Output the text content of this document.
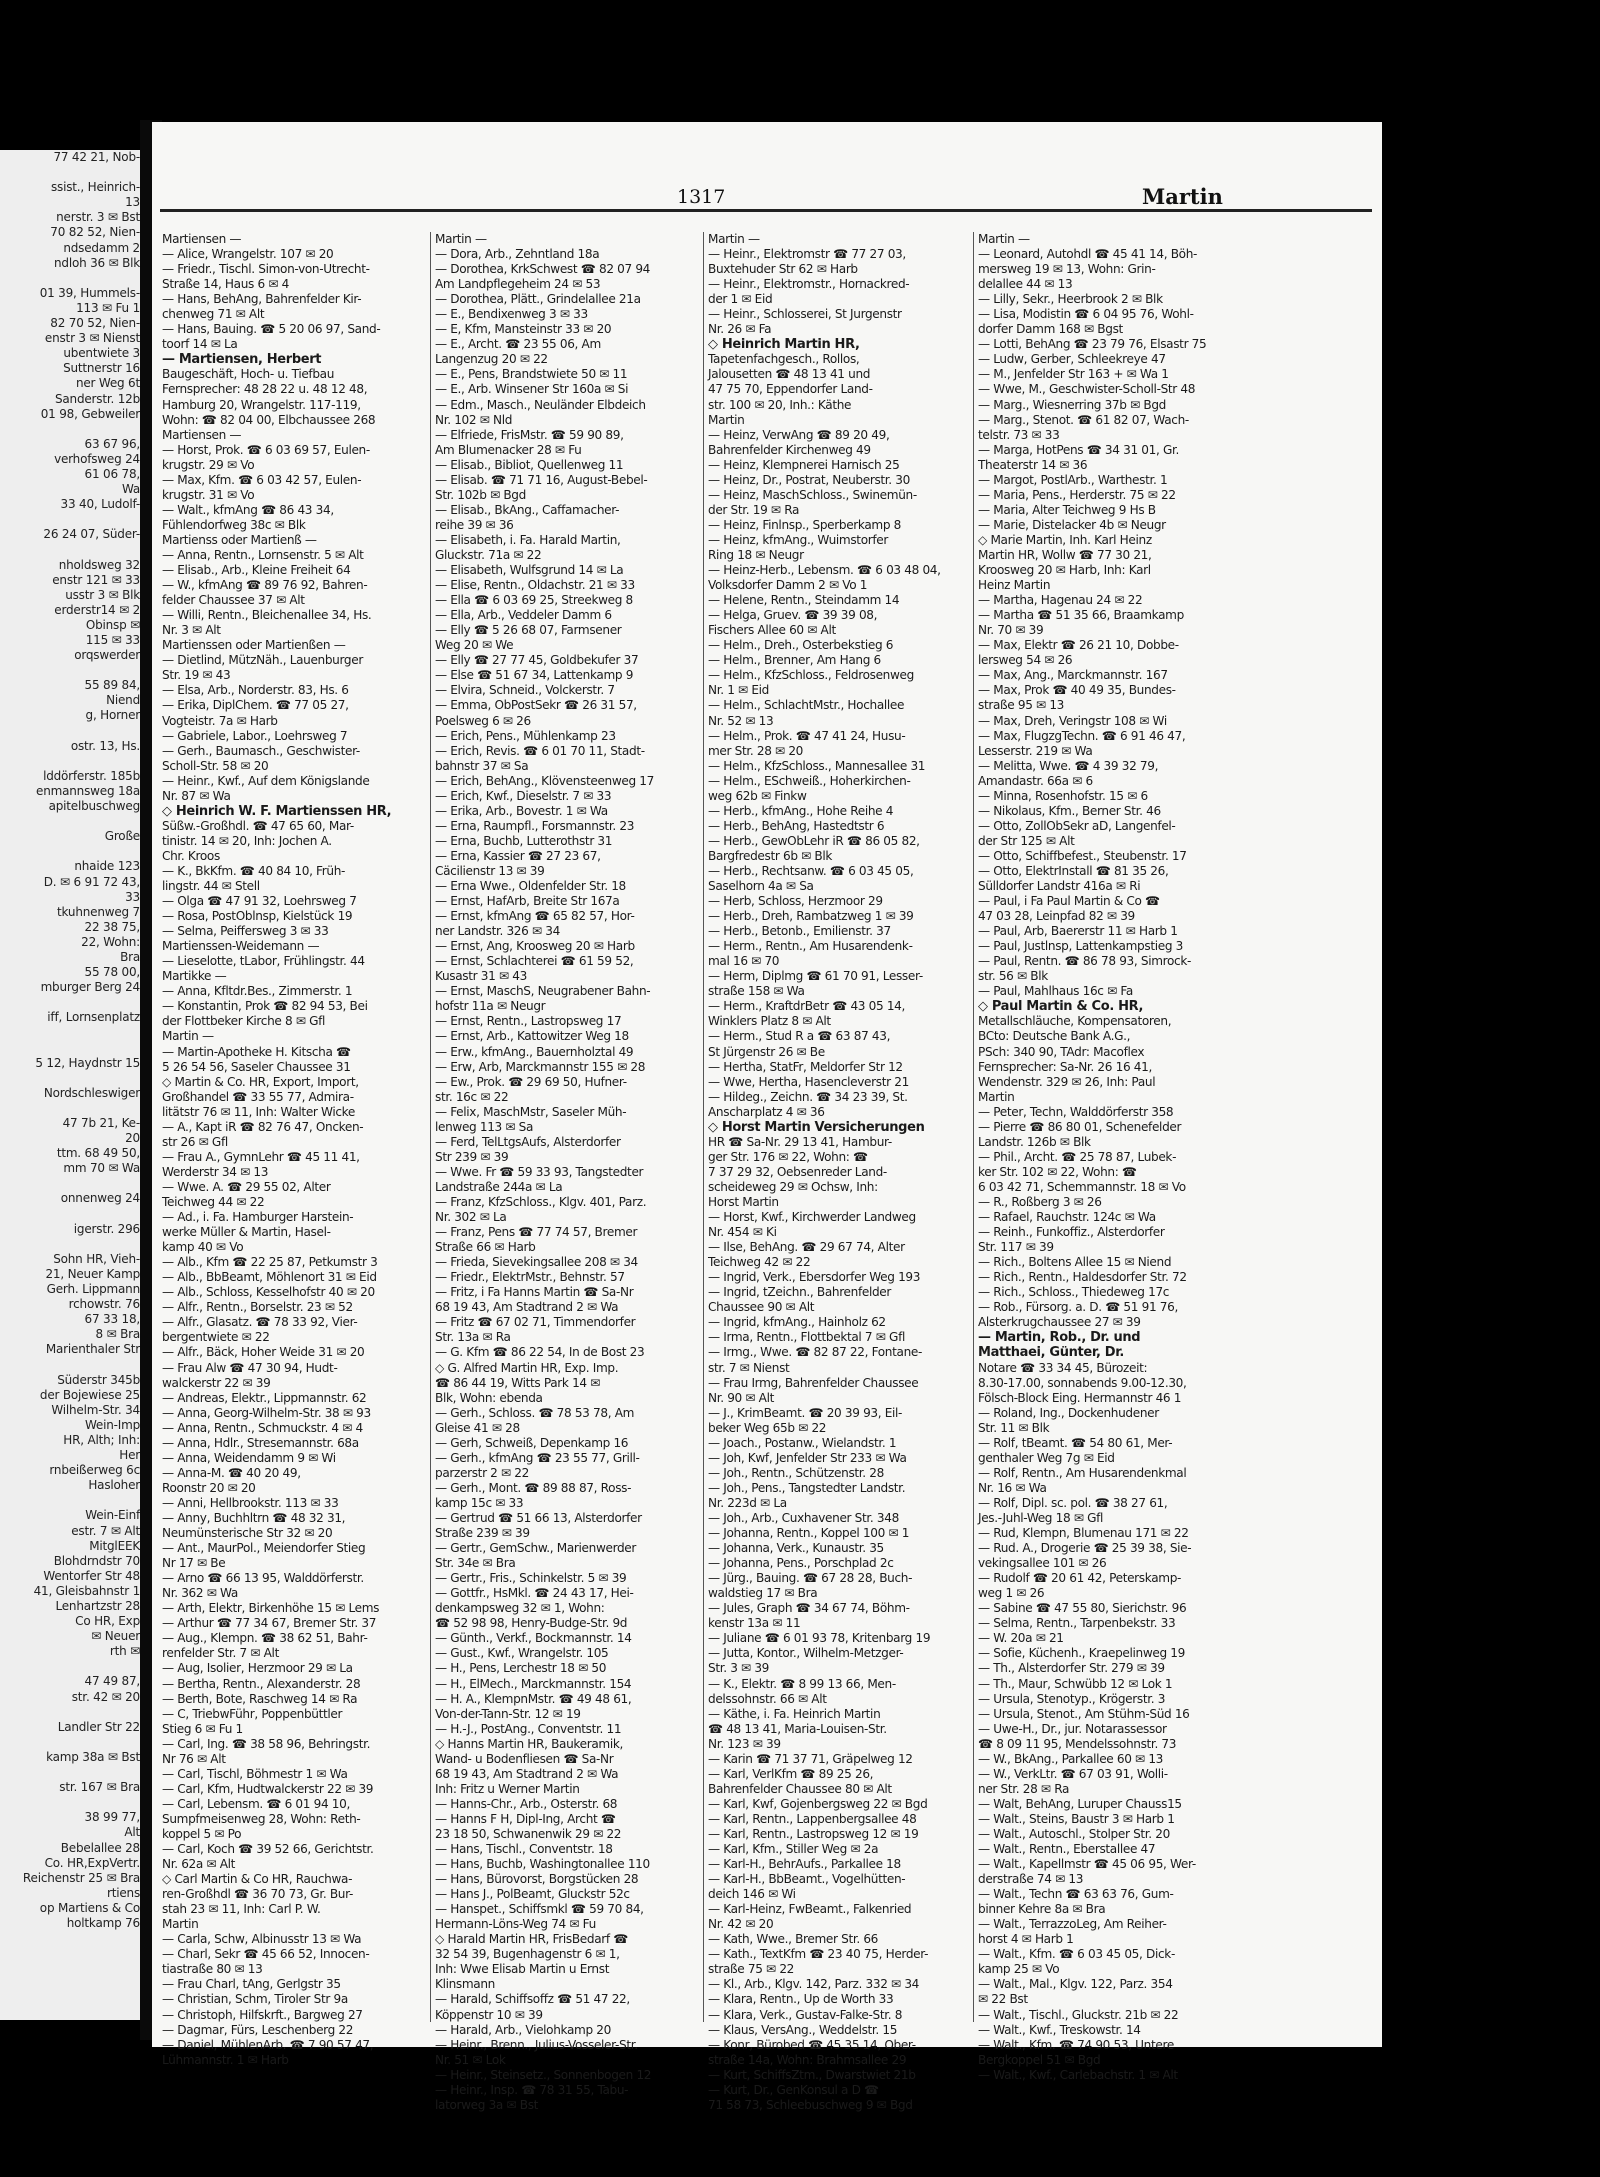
77 42 21, Nob-

ssist., Heinrich-
13
nerstr. 3 ✉ Bst
70 82 52, Nien-
ndsedamm 2
ndloh 36 ✉ Blk

01 39, Hummels-
113 ✉ Fu 1
82 70 52, Nien-
enstr 3 ✉ Nienst
ubentwiete 3
Suttnerstr 16
ner Weg 6t
Sanderstr. 12b
01 98, Gebweiler

63 67 96,
verhofsweg 24
61 06 78,
Wa
33 40, Ludolf-

26 24 07, Süder-

nholdsweg 32
enstr 121 ✉ 33
usstr 3 ✉ Blk
erderstr14 ✉ 2
Obinsp ✉
115 ✉ 33
orqswerder

55 89 84,
Niend
g, Horner

ostr. 13, Hs.

lddörferstr. 185b
enmannsweg 18a
apitelbuschweg

Große

nhaide 123
D. ✉ 6 91 72 43,
33
tkuhnenweg 7
22 38 75,
22, Wohn:
Bra
55 78 00,
mburger Berg 24

iff, Lornsenplatz

5 12, Haydnstr 15

Nordschleswiger

47 7b 21, Ke-
20
ttm. 68 49 50,
mm 70 ✉ Wa

onnenweg 24

igerstr. 296

Sohn HR, Vieh-
21, Neuer Kamp
Gerh. Lippmann
rchowstr. 76
67 33 18,
8 ✉ Bra
Marienthaler Str

Süderstr 345b
der Bojewiese 25
Wilhelm-Str. 34
Wein-Imp
HR, Alth; Inh:
Her
rnbeißerweg 6c
Hasloher

Wein-Einf
estr. 7 ✉ Alt
MitglEEK
Blohdrndstr 70
Wentorfer Str 48
41, Gleisbahnstr 1
Lenhartzstr 28
Co HR, Exp
✉ Neuer
rth ✉

47 49 87,
str. 42 ✉ 20

Landler Str 22

kamp 38a ✉ Bst

str. 167 ✉ Bra

38 99 77,
Alt
Bebelallee 28
Co. HR,ExpVertr.
Reichenstr 25 ✉ Bra
rtiens
op Martiens & Co
holtkamp 76
1317	Martin
Martiensen —
— Alice, Wrangelstr. 107 ✉ 20
— Friedr., Tischl. Simon-von-Utrecht-
Straße 14, Haus 6 ✉ 4
— Hans, BehAng, Bahrenfelder Kir-
chenweg 71 ✉ Alt
— Hans, Bauing. ☎ 5 20 06 97, Sand-
toorf 14 ✉ La
— Martiensen, Herbert
Baugeschäft, Hoch- u. Tiefbau
Fernsprecher: 48 28 22 u. 48 12 48,
Hamburg 20, Wrangelstr. 117-119,
Wohn: ☎ 82 04 00, Elbchaussee 268
Martiensen —
— Horst, Prok. ☎ 6 03 69 57, Eulen-
krugstr. 29 ✉ Vo
— Max, Kfm. ☎ 6 03 42 57, Eulen-
krugstr. 31 ✉ Vo
— Walt., kfmAng ☎ 86 43 34,
Fühlendorfweg 38c ✉ Blk
Martienss oder Martienß —
— Anna, Rentn., Lornsenstr. 5 ✉ Alt
— Elisab., Arb., Kleine Freiheit 64
— W., kfmAng ☎ 89 76 92, Bahren-
felder Chaussee 37 ✉ Alt
— Willi, Rentn., Bleichenallee 34, Hs.
Nr. 3 ✉ Alt
Martienssen oder Martienßen —
— Dietlind, MützNäh., Lauenburger
Str. 19 ✉ 43
— Elsa, Arb., Norderstr. 83, Hs. 6
— Erika, DiplChem. ☎ 77 05 27,
Vogteistr. 7a ✉ Harb
— Gabriele, Labor., Loehrsweg 7
— Gerh., Baumasch., Geschwister-
Scholl-Str. 58 ✉ 20
— Heinr., Kwf., Auf dem Königslande
Nr. 87 ✉ Wa
◇ Heinrich W. F. Martienssen HR,
Süßw.-Großhdl. ☎ 47 65 60, Mar-
tinistr. 14 ✉ 20, Inh: Jochen A.
Chr. Kroos
— K., BkKfm. ☎ 40 84 10, Früh-
lingstr. 44 ✉ Stell
— Olga ☎ 47 91 32, Loehrsweg 7
— Rosa, PostOblnsp, Kielstück 19
— Selma, Peiffersweg 3 ✉ 33
Martienssen-Weidemann —
— Lieselotte, tLabor, Frühlingstr. 44
Martikke —
— Anna, Kfltdr.Bes., Zimmerstr. 1
— Konstantin, Prok ☎ 82 94 53, Bei
der Flottbeker Kirche 8 ✉ Gfl
Martin —
— Martin-Apotheke H. Kitscha ☎
5 26 54 56, Saseler Chaussee 31
◇ Martin & Co. HR, Export, Import,
Großhandel ☎ 33 55 77, Admira-
litätstr 76 ✉ 11, Inh: Walter Wicke
— A., Kapt iR ☎ 82 76 47, Oncken-
str 26 ✉ Gfl
— Frau A., GymnLehr ☎ 45 11 41,
Werderstr 34 ✉ 13
— Wwe. A. ☎ 29 55 02, Alter
Teichweg 44 ✉ 22
— Ad., i. Fa. Hamburger Harstein-
werke Müller & Martin, Hasel-
kamp 40 ✉ Vo
— Alb., Kfm ☎ 22 25 87, Petkumstr 3
— Alb., BbBeamt, Möhlenort 31 ✉ Eid
— Alb., Schloss, Kesselhofstr 40 ✉ 20
— Alfr., Rentn., Borselstr. 23 ✉ 52
— Alfr., Glasatz. ☎ 78 33 92, Vier-
bergentwiete ✉ 22
— Alfr., Bäck, Hoher Weide 31 ✉ 20
— Frau Alw ☎ 47 30 94, Hudt-
walckerstr 22 ✉ 39
— Andreas, Elektr., Lippmannstr. 62
— Anna, Georg-Wilhelm-Str. 38 ✉ 93
— Anna, Rentn., Schmuckstr. 4 ✉ 4
— Anna, Hdlr., Stresemannstr. 68a
— Anna, Weidendamm 9 ✉ Wi
— Anna-M. ☎ 40 20 49,
Roonstr 20 ✉ 20
— Anni, Hellbrookstr. 113 ✉ 33
— Anny, Buchhltrn ☎ 48 32 31,
Neumünsterische Str 32 ✉ 20
— Ant., MaurPol., Meiendorfer Stieg
Nr 17 ✉ Be
— Arno ☎ 66 13 95, Walddörferstr.
Nr. 362 ✉ Wa
— Arth, Elektr, Birkenhöhe 15 ✉ Lems
— Arthur ☎ 77 34 67, Bremer Str. 37
— Aug., Klempn. ☎ 38 62 51, Bahr-
renfelder Str. 7 ✉ Alt
— Aug, Isolier, Herzmoor 29 ✉ La
— Bertha, Rentn., Alexanderstr. 28
— Berth, Bote, Raschweg 14 ✉ Ra
— C, TriebwFühr, Poppenbüttler
Stieg 6 ✉ Fu 1
— Carl, Ing. ☎ 38 58 96, Behringstr.
Nr 76 ✉ Alt
— Carl, Tischl, Böhmestr 1 ✉ Wa
— Carl, Kfm, Hudtwalckerstr 22 ✉ 39
— Carl, Lebensm. ☎ 6 01 94 10,
Sumpfmeisenweg 28, Wohn: Reth-
koppel 5 ✉ Po
— Carl, Koch ☎ 39 52 66, Gerichtstr.
Nr. 62a ✉ Alt
◇ Carl Martin & Co HR, Rauchwa-
ren-Großhdl ☎ 36 70 73, Gr. Bur-
stah 23 ✉ 11, Inh: Carl P. W.
Martin
— Carla, Schw, Albinusstr 13 ✉ Wa
— Charl, Sekr ☎ 45 66 52, Innocen-
tiastraße 80 ✉ 13
— Frau Charl, tAng, Gerlgstr 35
— Christian, Schm, Tiroler Str 9a
— Christoph, Hilfskrft., Bargweg 27
— Dagmar, Fürs, Leschenberg 22
— Daniel, MühlenArb. ☎ 7 90 57 47,
Lühmannstr. 1 ✉ Harb
Martin —
— Dora, Arb., Zehntland 18a
— Dorothea, KrkSchwest ☎ 82 07 94
Am Landpflegeheim 24 ✉ 53
— Dorothea, Plätt., Grindelallee 21a
— E., Bendixenweg 3 ✉ 33
— E, Kfm, Mansteinstr 33 ✉ 20
— E., Archt. ☎ 23 55 06, Am
Langenzug 20 ✉ 22
— E., Pens, Brandstwiete 50 ✉ 11
— E., Arb. Winsener Str 160a ✉ Si
— Edm., Masch., Neuländer Elbdeich
Nr. 102 ✉ Nld
— Elfriede, FrisMstr. ☎ 59 90 89,
Am Blumenacker 28 ✉ Fu
— Elisab., Bibliot, Quellenweg 11
— Elisab. ☎ 71 71 16, August-Bebel-
Str. 102b ✉ Bgd
— Elisab., BkAng., Caffamacher-
reihe 39 ✉ 36
— Elisabeth, i. Fa. Harald Martin,
Gluckstr. 71a ✉ 22
— Elisabeth, Wulfsgrund 14 ✉ La
— Elise, Rentn., Oldachstr. 21 ✉ 33
— Ella ☎ 6 03 69 25, Streekweg 8
— Ella, Arb., Veddeler Damm 6
— Elly ☎ 5 26 68 07, Farmsener
Weg 20 ✉ We
— Elly ☎ 27 77 45, Goldbekufer 37
— Else ☎ 51 67 34, Lattenkamp 9
— Elvira, Schneid., Volckerstr. 7
— Emma, ObPostSekr ☎ 26 31 57,
Poelsweg 6 ✉ 26
— Erich, Pens., Mühlenkamp 23
— Erich, Revis. ☎ 6 01 70 11, Stadt-
bahnstr 37 ✉ Sa
— Erich, BehAng., Klövensteenweg 17
— Erich, Kwf., Dieselstr. 7 ✉ 33
— Erika, Arb., Bovestr. 1 ✉ Wa
— Erna, Raumpfl., Forsmannstr. 23
— Erna, Buchb, Lutterothstr 31
— Erna, Kassier ☎ 27 23 67,
Cäcilienstr 13 ✉ 39
— Erna Wwe., Oldenfelder Str. 18
— Ernst, HafArb, Breite Str 167a
— Ernst, kfmAng ☎ 65 82 57, Hor-
ner Landstr. 326 ✉ 34
— Ernst, Ang, Kroosweg 20 ✉ Harb
— Ernst, Schlachterei ☎ 61 59 52,
Kusastr 31 ✉ 43
— Ernst, MaschS, Neugrabener Bahn-
hofstr 11a ✉ Neugr
— Ernst, Rentn., Lastropsweg 17
— Ernst, Arb., Kattowitzer Weg 18
— Erw., kfmAng., Bauernholztal 49
— Erw, Arb, Marckmannstr 155 ✉ 28
— Ew., Prok. ☎ 29 69 50, Hufner-
str. 16c ✉ 22
— Felix, MaschMstr, Saseler Müh-
lenweg 113 ✉ Sa
— Ferd, TelLtgsAufs, Alsterdorfer
Str 239 ✉ 39
— Wwe. Fr ☎ 59 33 93, Tangstedter
Landstraße 244a ✉ La
— Franz, KfzSchloss., Klgv. 401, Parz.
Nr. 302 ✉ La
— Franz, Pens ☎ 77 74 57, Bremer
Straße 66 ✉ Harb
— Frieda, Sievekingsallee 208 ✉ 34
— Friedr., ElektrMstr., Behnstr. 57
— Fritz, i Fa Hanns Martin ☎ Sa-Nr
68 19 43, Am Stadtrand 2 ✉ Wa
— Fritz ☎ 67 02 71, Timmendorfer
Str. 13a ✉ Ra
— G. Kfm ☎ 86 22 54, In de Bost 23
◇ G. Alfred Martin HR, Exp. Imp.
☎ 86 44 19, Witts Park 14 ✉
Blk, Wohn: ebenda
— Gerh., Schloss. ☎ 78 53 78, Am
Gleise 41 ✉ 28
— Gerh, Schweiß, Depenkamp 16
— Gerh., kfmAng ☎ 23 55 77, Grill-
parzerstr 2 ✉ 22
— Gerh., Mont. ☎ 89 88 87, Ross-
kamp 15c ✉ 33
— Gertrud ☎ 51 66 13, Alsterdorfer
Straße 239 ✉ 39
— Gertr., GemSchw., Marienwerder
Str. 34e ✉ Bra
— Gertr., Fris., Schinkelstr. 5 ✉ 39
— Gottfr., HsMkl. ☎ 24 43 17, Hei-
denkampsweg 32 ✉ 1, Wohn:
☎ 52 98 98, Henry-Budge-Str. 9d
— Günth., Verkf., Bockmannstr. 14
— Gust., Kwf., Wrangelstr. 105
— H., Pens, Lerchestr 18 ✉ 50
— H., ElMech., Marckmannstr. 154
— H. A., KlempnMstr. ☎ 49 48 61,
Von-der-Tann-Str. 12 ✉ 19
— H.-J., PostAng., Conventstr. 11
◇ Hanns Martin HR, Baukeramik,
Wand- u Bodenfliesen ☎ Sa-Nr
68 19 43, Am Stadtrand 2 ✉ Wa
Inh: Fritz u Werner Martin
— Hanns-Chr., Arb., Osterstr. 68
— Hanns F H, Dipl-Ing, Archt ☎
23 18 50, Schwanenwik 29 ✉ 22
— Hans, Tischl., Conventstr. 18
— Hans, Buchb, Washingtonallee 110
— Hans, Bürovorst, Borgstücken 28
— Hans J., PolBeamt, Gluckstr 52c
— Hanspet., Schiffsmkl ☎ 59 70 84,
Hermann-Löns-Weg 74 ✉ Fu
◇ Harald Martin HR, FrisBedarf ☎
32 54 39, Bugenhagenstr 6 ✉ 1,
Inh: Wwe Elisab Martin u Ernst
Klinsmann
— Harald, Schiffsoffz ☎ 51 47 22,
Köppenstr 10 ✉ 39
— Harald, Arb., Vielohkamp 20
— Heinr., Brenn., Julius-Vosseler-Str.
Nr. 51 ✉ Lok
— Heinr., Steinsetz., Sonnenbogen 12
— Heinr., Insp. ☎ 78 31 55, Tabu-
latorweg 3a ✉ Bst
Martin —
— Heinr., Elektromstr ☎ 77 27 03,
Buxtehuder Str 62 ✉ Harb
— Heinr., Elektromstr., Hornackred-
der 1 ✉ Eid
— Heinr., Schlosserei, St Jurgenstr
Nr. 26 ✉ Fa
◇ Heinrich Martin HR,
Tapetenfachgesch., Rollos,
Jalousetten ☎ 48 13 41 und
47 75 70, Eppendorfer Land-
str. 100 ✉ 20, Inh.: Käthe
Martin
— Heinz, VerwAng ☎ 89 20 49,
Bahrenfelder Kirchenweg 49
— Heinz, Klempnerei Harnisch 25
— Heinz, Dr., Postrat, Neuberstr. 30
— Heinz, MaschSchloss., Swinemün-
der Str. 19 ✉ Ra
— Heinz, Finlnsp., Sperberkamp 8
— Heinz, kfmAng., Wuimstorfer
Ring 18 ✉ Neugr
— Heinz-Herb., Lebensm. ☎ 6 03 48 04,
Volksdorfer Damm 2 ✉ Vo 1
— Helene, Rentn., Steindamm 14
— Helga, Gruev. ☎ 39 39 08,
Fischers Allee 60 ✉ Alt
— Helm., Dreh., Osterbekstieg 6
— Helm., Brenner, Am Hang 6
— Helm., KfzSchloss., Feldrosenweg
Nr. 1 ✉ Eid
— Helm., SchlachtMstr., Hochallee
Nr. 52 ✉ 13
— Helm., Prok. ☎ 47 41 24, Husu-
mer Str. 28 ✉ 20
— Helm., KfzSchloss., Mannesallee 31
— Helm., ESchweiß., Hoherkirchen-
weg 62b ✉ Finkw
— Herb., kfmAng., Hohe Reihe 4
— Herb., BehAng, Hastedtstr 6
— Herb., GewObLehr iR ☎ 86 05 82,
Bargfredestr 6b ✉ Blk
— Herb., Rechtsanw. ☎ 6 03 45 05,
Saselhorn 4a ✉ Sa
— Herb, Schloss, Herzmoor 29
— Herb., Dreh, Rambatzweg 1 ✉ 39
— Herb., Betonb., Emilienstr. 37
— Herm., Rentn., Am Husarendenk-
mal 16 ✉ 70
— Herm, Diplmg ☎ 61 70 91, Lesser-
straße 158 ✉ Wa
— Herm., KraftdrBetr ☎ 43 05 14,
Winklers Platz 8 ✉ Alt
— Herm., Stud R a ☎ 63 87 43,
St Jürgenstr 26 ✉ Be
— Hertha, StatFr, Meldorfer Str 12
— Wwe, Hertha, Hasencleverstr 21
— Hildeg., Zeichn. ☎ 34 23 39, St.
Anscharplatz 4 ✉ 36
◇ Horst Martin Versicherungen
HR ☎ Sa-Nr. 29 13 41, Hambur-
ger Str. 176 ✉ 22, Wohn: ☎
7 37 29 32, Oebsenreder Land-
scheideweg 29 ✉ Ochsw, Inh:
Horst Martin
— Horst, Kwf., Kirchwerder Landweg
Nr. 454 ✉ Ki
— Ilse, BehAng. ☎ 29 67 74, Alter
Teichweg 42 ✉ 22
— Ingrid, Verk., Ebersdorfer Weg 193
— Ingrid, tZeichn., Bahrenfelder
Chaussee 90 ✉ Alt
— Ingrid, kfmAng., Hainholz 62
— Irma, Rentn., Flottbektal 7 ✉ Gfl
— Irmg., Wwe. ☎ 82 87 22, Fontane-
str. 7 ✉ Nienst
— Frau Irmg, Bahrenfelder Chaussee
Nr. 90 ✉ Alt
— J., KrimBeamt. ☎ 20 39 93, Eil-
beker Weg 65b ✉ 22
— Joach., Postanw., Wielandstr. 1
— Joh, Kwf, Jenfelder Str 233 ✉ Wa
— Joh., Rentn., Schützenstr. 28
— Joh., Pens., Tangstedter Landstr.
Nr. 223d ✉ La
— Joh., Arb., Cuxhavener Str. 348
— Johanna, Rentn., Koppel 100 ✉ 1
— Johanna, Verk., Kunaustr. 35
— Johanna, Pens., Porschplad 2c
— Jürg., Bauing. ☎ 67 28 28, Buch-
waldstieg 17 ✉ Bra
— Jules, Graph ☎ 34 67 74, Böhm-
kenstr 13a ✉ 11
— Juliane ☎ 6 01 93 78, Kritenbarg 19
— Jutta, Kontor., Wilhelm-Metzger-
Str. 3 ✉ 39
— K., Elektr. ☎ 8 99 13 66, Men-
delssohnstr. 66 ✉ Alt
— Käthe, i. Fa. Heinrich Martin
☎ 48 13 41, Maria-Louisen-Str.
Nr. 123 ✉ 39
— Karin ☎ 71 37 71, Gräpelweg 12
— Karl, VerlKfm ☎ 89 25 26,
Bahrenfelder Chaussee 80 ✉ Alt
— Karl, Kwf, Gojenbergsweg 22 ✉ Bgd
— Karl, Rentn., Lappenbergsallee 48
— Karl, Rentn., Lastropsweg 12 ✉ 19
— Karl, Kfm., Stiller Weg ✉ 2a
— Karl-H., BehrAufs., Parkallee 18
— Karl-H., BbBeamt., Vogelhütten-
deich 146 ✉ Wi
— Karl-Heinz, FwBeamt., Falkenried
Nr. 42 ✉ 20
— Kath, Wwe., Bremer Str. 66
— Kath., TextKfm ☎ 23 40 75, Herder-
straße 75 ✉ 22
— Kl., Arb., Klgv. 142, Parz. 332 ✉ 34
— Klara, Rentn., Up de Worth 33
— Klara, Verk., Gustav-Falke-Str. 8
— Klaus, VersAng., Weddelstr. 15
— Konr, Bürobed ☎ 45 35 14, Ober-
straße 14a, Wohn: Brahmsallee 29
— Kurt, SchiffsZtm., Dwarstwiet 21b
— Kurt, Dr., GenKonsul a D ☎
71 58 73, Schleebuschweg 9 ✉ Bgd
Martin —
— Leonard, Autohdl ☎ 45 41 14, Böh-
mersweg 19 ✉ 13, Wohn: Grin-
delallee 44 ✉ 13
— Lilly, Sekr., Heerbrook 2 ✉ Blk
— Lisa, Modistin ☎ 6 04 95 76, Wohl-
dorfer Damm 168 ✉ Bgst
— Lotti, BehAng ☎ 23 79 76, Elsastr 75
— Ludw, Gerber, Schleekreye 47
— M., Jenfelder Str 163 + ✉ Wa 1
— Wwe, M., Geschwister-Scholl-Str 48
— Marg., Wiesnerring 37b ✉ Bgd
— Marg., Stenot. ☎ 61 82 07, Wach-
telstr. 73 ✉ 33
— Marga, HotPens ☎ 34 31 01, Gr.
Theaterstr 14 ✉ 36
— Margot, PostlArb., Warthestr. 1
— Maria, Pens., Herderstr. 75 ✉ 22
— Maria, Alter Teichweg 9 Hs B
— Marie, Distelacker 4b ✉ Neugr
◇ Marie Martin, Inh. Karl Heinz
Martin HR, Wollw ☎ 77 30 21,
Kroosweg 20 ✉ Harb, Inh: Karl
Heinz Martin
— Martha, Hagenau 24 ✉ 22
— Martha ☎ 51 35 66, Braamkamp
Nr. 70 ✉ 39
— Max, Elektr ☎ 26 21 10, Dobbe-
lersweg 54 ✉ 26
— Max, Ang., Marckmannstr. 167
— Max, Prok ☎ 40 49 35, Bundes-
straße 95 ✉ 13
— Max, Dreh, Veringstr 108 ✉ Wi
— Max, FlugzgTechn. ☎ 6 91 46 47,
Lesserstr. 219 ✉ Wa
— Melitta, Wwe. ☎ 4 39 32 79,
Amandastr. 66a ✉ 6
— Minna, Rosenhofstr. 15 ✉ 6
— Nikolaus, Kfm., Berner Str. 46
— Otto, ZollObSekr aD, Langenfel-
der Str 125 ✉ Alt
— Otto, Schiffbefest., Steubenstr. 17
— Otto, ElektrInstall ☎ 81 35 26,
Sülldorfer Landstr 416a ✉ Ri
— Paul, i Fa Paul Martin & Co ☎
47 03 28, Leinpfad 82 ✉ 39
— Paul, Arb, Baererstr 11 ✉ Harb 1
— Paul, Justlnsp, Lattenkampstieg 3
— Paul, Rentn. ☎ 86 78 93, Simrock-
str. 56 ✉ Blk
— Paul, Mahlhaus 16c ✉ Fa
◇ Paul Martin & Co. HR,
Metallschläuche, Kompensatoren,
BCto: Deutsche Bank A.G.,
PSch: 340 90, TAdr: Macoflex
Fernsprecher: Sa-Nr. 26 16 41,
Wendenstr. 329 ✉ 26, Inh: Paul
Martin
— Peter, Techn, Walddörferstr 358
— Pierre ☎ 86 80 01, Schenefelder
Landstr. 126b ✉ Blk
— Phil., Archt. ☎ 25 78 87, Lubek-
ker Str. 102 ✉ 22, Wohn: ☎
6 03 42 71, Schemmannstr. 18 ✉ Vo
— R., Roßberg 3 ✉ 26
— Rafael, Rauchstr. 124c ✉ Wa
— Reinh., Funkoffiz., Alsterdorfer
Str. 117 ✉ 39
— Rich., Boltens Allee 15 ✉ Niend
— Rich., Rentn., Haldesdorfer Str. 72
— Rich., Schloss., Thiedeweg 17c
— Rob., Fürsorg. a. D. ☎ 51 91 76,
Alsterkrugchaussee 27 ✉ 39
— Martin, Rob., Dr. und
Matthaei, Günter, Dr.
Notare ☎ 33 34 45, Bürozeit:
8.30-17.00, sonnabends 9.00-12.30,
Fölsch-Block Eing. Hermannstr 46 1
— Roland, Ing., Dockenhudener
Str. 11 ✉ Blk
— Rolf, tBeamt. ☎ 54 80 61, Mer-
genthaler Weg 7g ✉ Eid
— Rolf, Rentn., Am Husarendenkmal
Nr. 16 ✉ Wa
— Rolf, Dipl. sc. pol. ☎ 38 27 61,
Jes.-Juhl-Weg 18 ✉ Gfl
— Rud, Klempn, Blumenau 171 ✉ 22
— Rud. A., Drogerie ☎ 25 39 38, Sie-
vekingsallee 101 ✉ 26
— Rudolf ☎ 20 61 42, Peterskamp-
weg 1 ✉ 26
— Sabine ☎ 47 55 80, Sierichstr. 96
— Selma, Rentn., Tarpenbekstr. 33
— W. 20a ✉ 21
— Sofie, Küchenh., Kraepelinweg 19
— Th., Alsterdorfer Str. 279 ✉ 39
— Th., Maur, Schwübb 12 ✉ Lok 1
— Ursula, Stenotyp., Krögerstr. 3
— Ursula, Stenot., Am Stühm-Süd 16
— Uwe-H., Dr., jur. Notarassessor
☎ 8 09 11 95, Mendelssohnstr. 73
— W., BkAng., Parkallee 60 ✉ 13
— W., VerkLtr. ☎ 67 03 91, Wolli-
ner Str. 28 ✉ Ra
— Walt, BehAng, Luruper Chauss15
— Walt., Steins, Baustr 3 ✉ Harb 1
— Walt., Autoschl., Stolper Str. 20
— Walt., Rentn., Eberstallee 47
— Walt., Kapellmstr ☎ 45 06 95, Wer-
derstraße 74 ✉ 13
— Walt., Techn ☎ 63 63 76, Gum-
binner Kehre 8a ✉ Bra
— Walt., TerrazzoLeg, Am Reiher-
horst 4 ✉ Harb 1
— Walt., Kfm. ☎ 6 03 45 05, Dick-
kamp 25 ✉ Vo
— Walt., Mal., Klgv. 122, Parz. 354
✉ 22 Bst
— Walt., Tischl., Gluckstr. 21b ✉ 22
— Walt., Kwf., Treskowstr. 14
— Walt., Kfm. ☎ 74 90 53, Untere
Bergkoppel 51 ✉ Bgd
— Walt., Kwf., Carlebachstr. 1 ✉ Alt
